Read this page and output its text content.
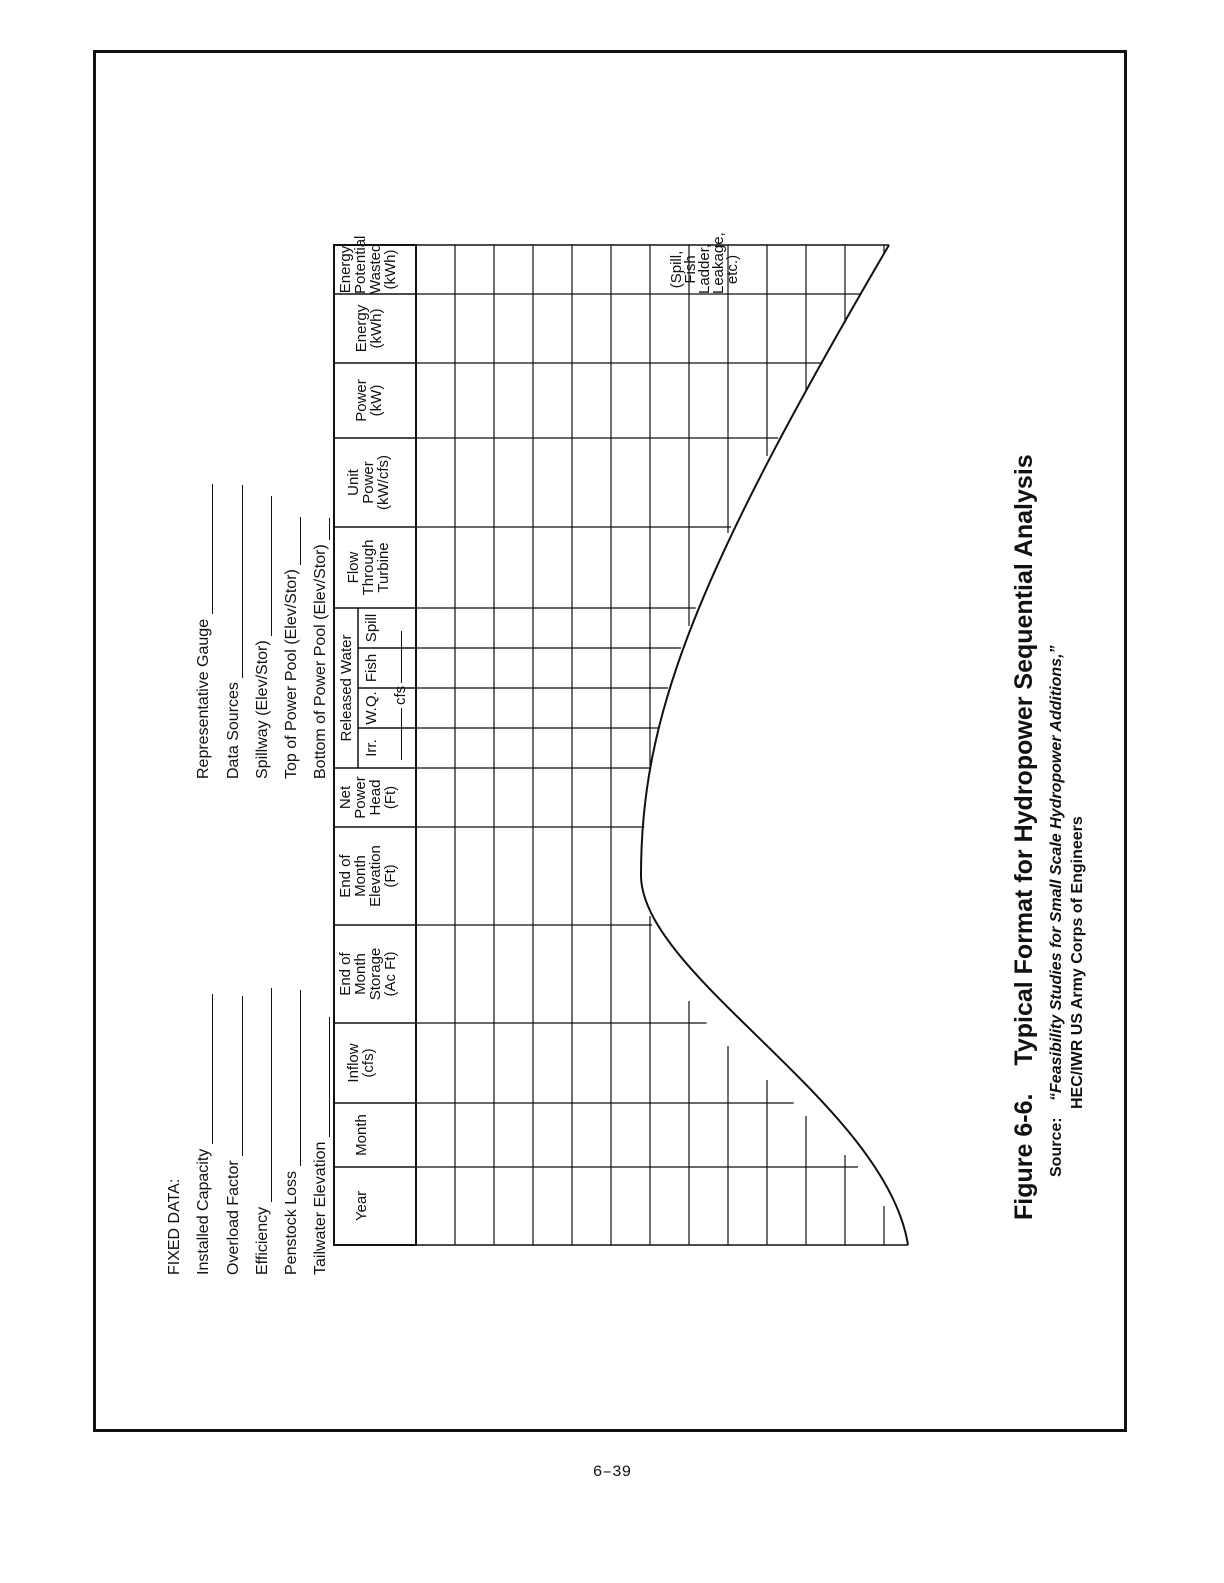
FIXED DATA: Installed Capacity Overload Factor Efficiency Penstock Loss Tailwater Elevation
Representative Gauge Data Sources Spillway (Elev/Stor) Top of Power Pool (Elev/Stor) Bottom of Power Pool (Elev/Stor)
Year
Month
Inflow
(cfs)
End of
Month
Storage
(Ac Ft)
End of
Month
Elevation
(Ft)
Net
Power
Head
(Ft)
Released Water
Irr.
W.Q.
Fish
Spill
cfs
Flow
Through
Turbine
Unit
Power
(kW/cfs)
Power
(kW)
Energy
(kWh)
Energy
Potential
Wasted
(kWh)	(Spill,
Fish
Ladder,
Leakage,
etc.)
Figure 6-6.Typical Format for Hydropower Sequential Analysis
Source: “Feasibility Studies for Small Scale Hydropower Additions,” HEC/IWR US Army Corps of Engineers
6–39
